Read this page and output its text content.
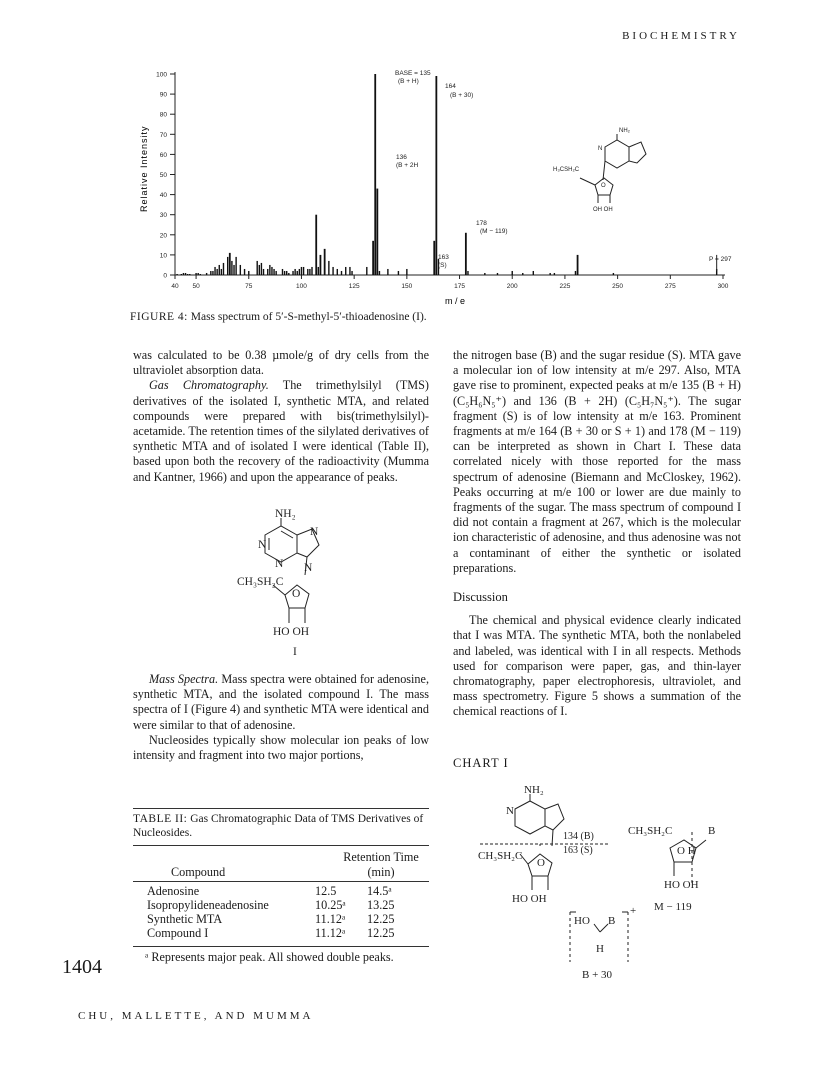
BIOCHEMISTRY
0
10
20
30
40
50
60
70
80
90
100
40 50	75	100	125	150	175	200	225	250	275	300
BASE = 135
(B + H)
164
(B + 30)
136
(B + 2H
178
(M − 119)
163
(S)
P = 297
Relative Intensity
m / e
NH₂
N
H₃CSH₂C
O
OH OH
FIGURE 4: Mass spectrum of 5′-S-methyl-5′-thioadenosine (I).

was calculated to be 0.38 µmole/g of dry cells from the ultraviolet absorption data.

Gas Chromatography. The trimethylsilyl (TMS) derivatives of the isolated I, synthetic MTA, and related compounds were prepared with bis(trimethylsilyl)-acetamide. The retention times of the silylated derivatives of synthetic MTA and of isolated I were identical (Table II), based upon both the recovery of the radioactivity (Mumma and Kantner, 1966) and upon the appearance of peaks.

NH₂
N
N
N N
CH₃SH₂C
O
HO OH
I

Mass Spectra. Mass spectra were obtained for adenosine, synthetic MTA, and the isolated compound I. The mass spectra of I (Figure 4) and synthetic MTA were identical and were similar to that of adenosine.

Nucleosides typically show molecular ion peaks of low intensity and fragment into two major portions,

TABLE II: Gas Chromatographic Data of TMS Derivatives of Nucleosides.
Retention Time
(min)
Compound
Adenosine	12.5	14.5ᵃ
Isopropylideneadenosine	10.25ᵃ	13.25
Synthetic MTA	11.12ᵃ	12.25
Compound I	11.12ᵃ	12.25
ᵃ Represents major peak. All showed double peaks.
1404
CHU, MALLETTE, AND MUMMA

the nitrogen base (B) and the sugar residue (S). MTA gave a molecular ion of low intensity at m/e 297. Also, MTA gave rise to prominent, expected peaks at m/e 135 (B + H) (C₅H₆N₅⁺) and 136 (B + 2H) (C₅H₇N₅⁺). The sugar fragment (S) is of low intensity at m/e 163. Prominent fragments at m/e 164 (B + 30 or S + 1) and 178 (M − 119) can be interpreted as shown in Chart I. These data correlated nicely with those reported for the mass spectrum of adenosine (Biemann and McCloskey, 1962). Peaks occurring at m/e 100 or lower are due mainly to fragments of the sugar. The mass spectrum of compound I did not contain a fragment at 267, which is the molecular ion characteristic of adenosine, and thus adenosine was not a contaminant of either the synthetic or isolated preparations.

Discussion

The chemical and physical evidence clearly indicated that I was MTA. The synthetic MTA, both the nonlabeled and labeled, was identical with I in all respects. Methods used for comparison were paper, gas, and thin-layer chromatography, paper electrophoresis, ultraviolet, and mass spectrometry. Figure 5 shows a summation of the chemical reactions of I.

CHART I
NH₂
N
134 (B)
163 (S)
CH₃SH₂C
O
HO OH
CH₃SH₂C	B
O H
HO OH
M − 119
HO B
H
+
B + 30
